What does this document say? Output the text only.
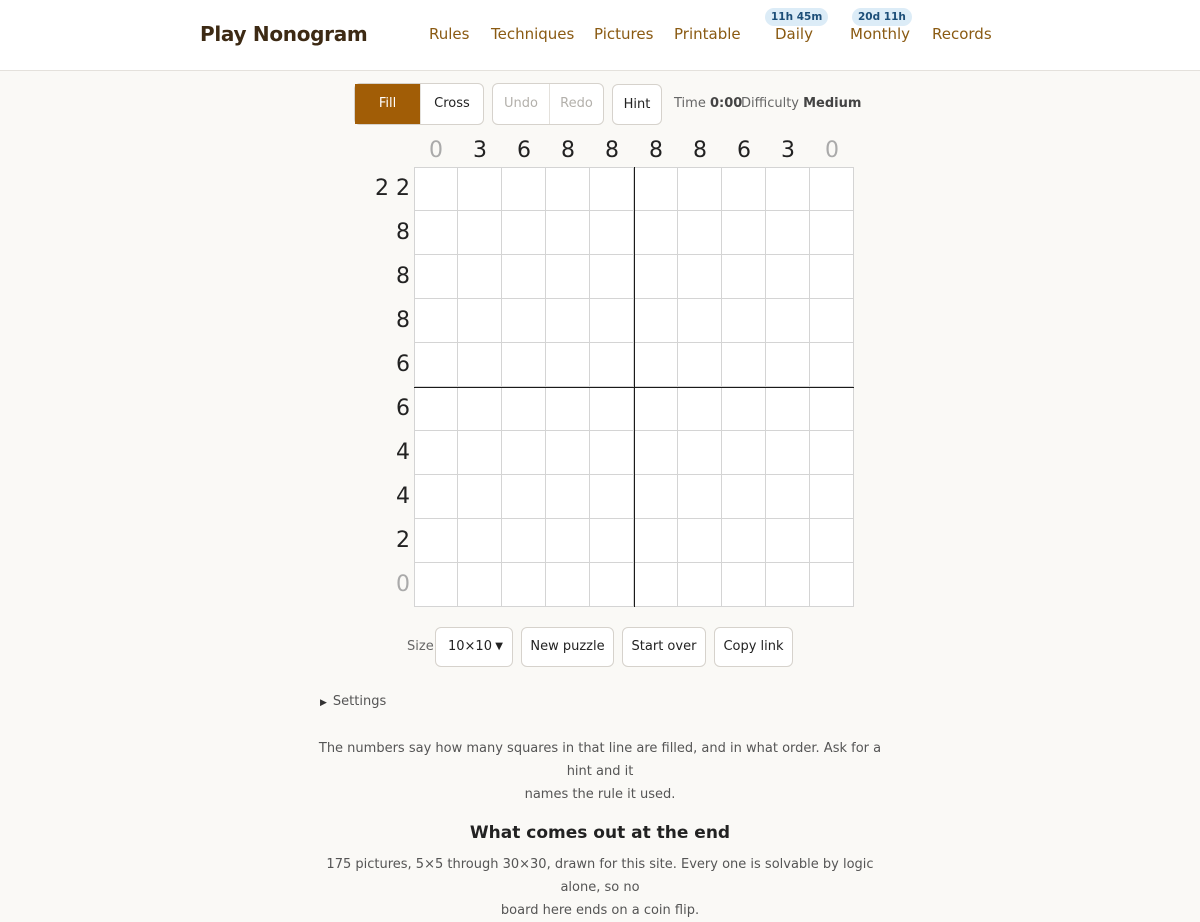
Play Nonogram	Rules Techniques Pictures Printable
11h 45m
Daily
20d 11h
Monthly Records
Fill	Cross	Undo	Redo	Hint	Time 0:00
Difficulty Medium
0	3	6	8	8	8	8	6	3	0
2 2
8
8
8
6
6
4
4
2
0
Size	10×10 ▼	New puzzle	Start over	Copy link
▶ Settings
The numbers say how many squares in that line are filled, and in what order. Ask for a hint and it
names the rule it used.
What comes out at the end
175 pictures, 5×5 through 30×30, drawn for this site. Every one is solvable by logic alone, so no
board here ends on a coin flip.
